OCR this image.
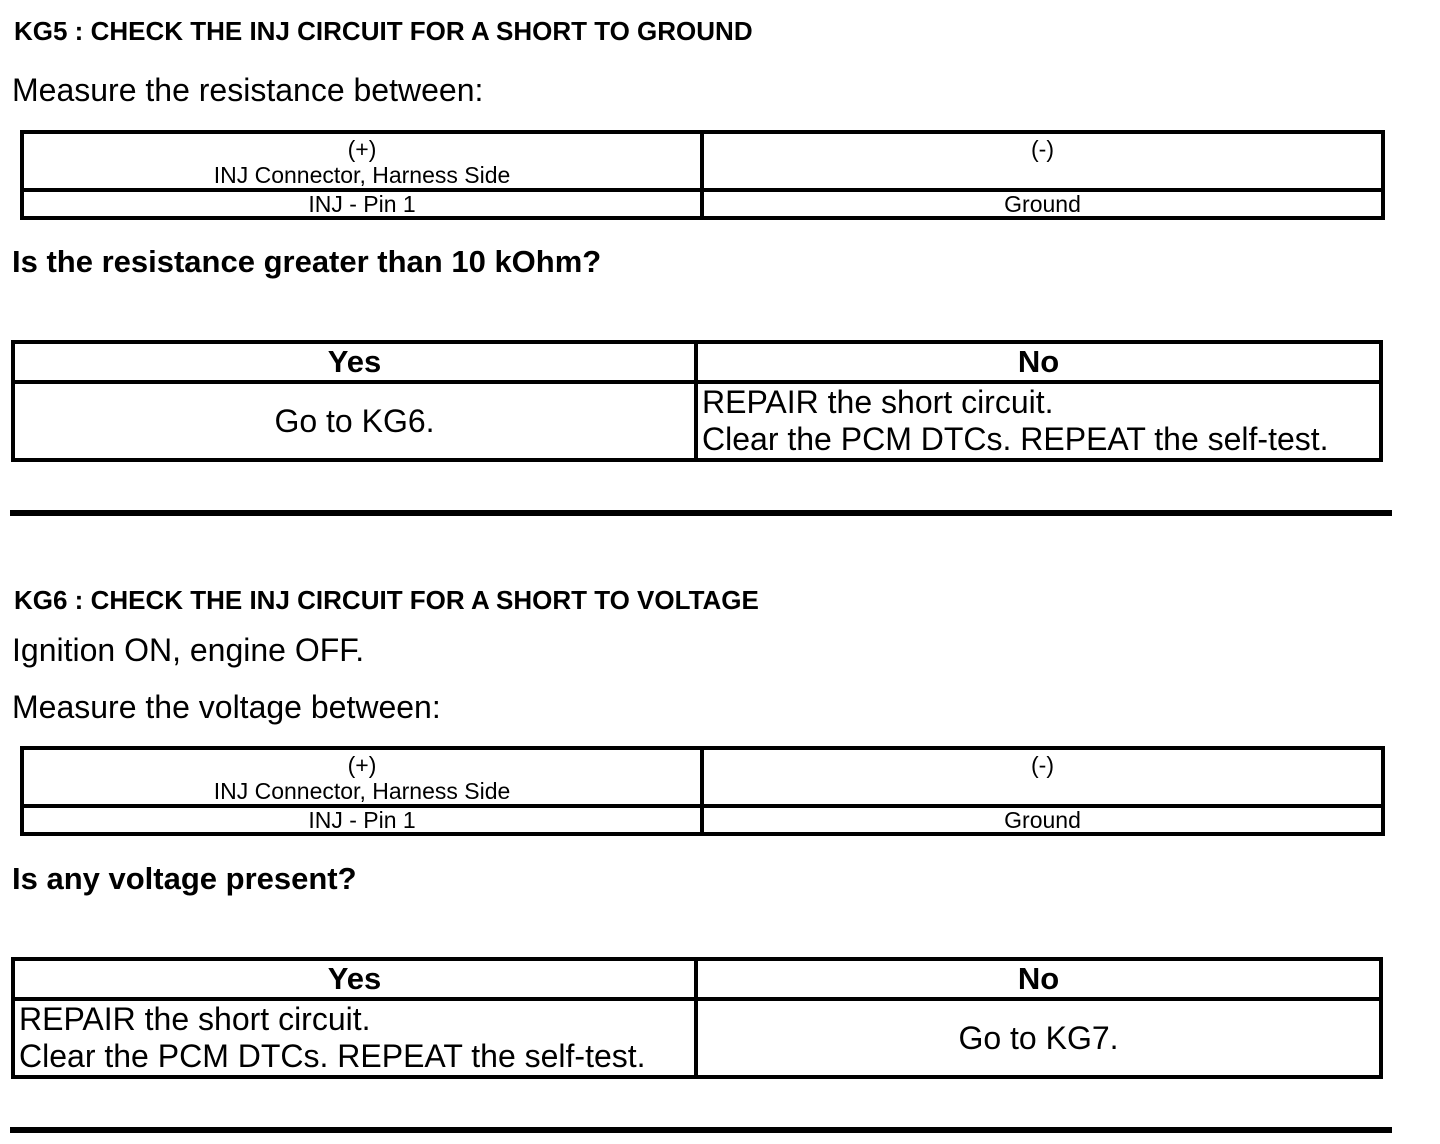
KG5 : CHECK THE INJ CIRCUIT FOR A SHORT TO GROUND
Measure the resistance between:
(+)
INJ Connector, Harness Side	(-)

INJ - Pin 1	Ground
Is the resistance greater than 10 kOhm?
Yes	No
Go to KG6.	REPAIR the short circuit.
Clear the PCM DTCs. REPEAT the self-test.
KG6 : CHECK THE INJ CIRCUIT FOR A SHORT TO VOLTAGE
Ignition ON, engine OFF.
Measure the voltage between:
(+)
INJ Connector, Harness Side	(-)

INJ - Pin 1	Ground
Is any voltage present?
Yes	No

REPAIR the short circuit.
Clear the PCM DTCs. REPEAT the self-test.	Go to KG7.
